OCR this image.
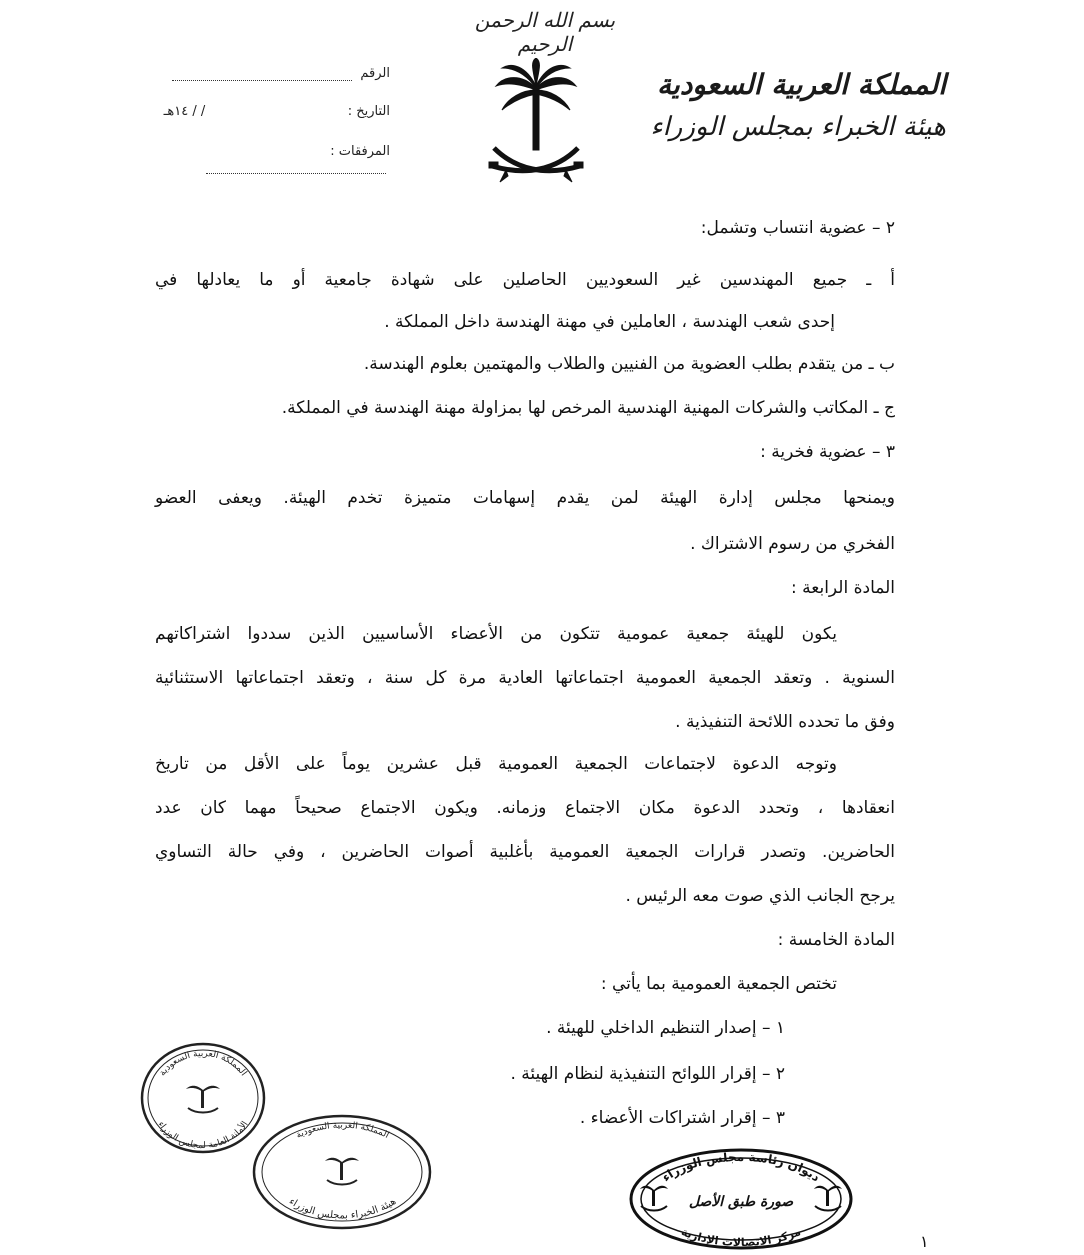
بسم الله الرحمن الرحيم
المملكة العربية السعودية
هيئة الخبراء بمجلس الوزراء
الرقم
التاريخ : / / ١٤هـ
المرفقات :
٢ – عضوية انتساب وتشمل:
أ ـ جميع المهندسين غير السعوديين الحاصلين على شهادة جامعية أو ما يعادلها في
إحدى شعب الهندسة ، العاملين في مهنة الهندسة داخل المملكة .
ب ـ من يتقدم بطلب العضوية من الفنيين والطلاب والمهتمين بعلوم الهندسة.
ج ـ المكاتب والشركات المهنية الهندسية المرخص لها بمزاولة مهنة الهندسة في المملكة.
٣ – عضوية فخرية :
ويمنحها مجلس إدارة الهيئة لمن يقدم إسهامات متميزة تخدم الهيئة. ويعفى العضو
الفخري من رسوم الاشتراك .
المادة الرابعة :
يكون للهيئة جمعية عمومية تتكون من الأعضاء الأساسيين الذين سددوا اشتراكاتهم
السنوية . وتعقد الجمعية العمومية اجتماعاتها العادية مرة كل سنة ، وتعقد اجتماعاتها الاستثنائية
وفق ما تحدده اللائحة التنفيذية .
وتوجه الدعوة لاجتماعات الجمعية العمومية قبل عشرين يوماً على الأقل من تاريخ
انعقادها ، وتحدد الدعوة مكان الاجتماع وزمانه. ويكون الاجتماع صحيحاً مهما كان عدد
الحاضرين. وتصدر قرارات الجمعية العمومية بأغلبية أصوات الحاضرين ، وفي حالة التساوي
يرجح الجانب الذي صوت معه الرئيس .
المادة الخامسة :
تختص الجمعية العمومية بما يأتي :
١ – إصدار التنظيم الداخلي للهيئة .
٢ – إقرار اللوائح التنفيذية لنظام الهيئة .
٣ – إقرار اشتراكات الأعضاء .
المملكة العربية السعودية
الأمانة العامة لمجلس الوزراء
المملكة العربية السعودية
هيئة الخبراء بمجلس الوزراء
ديوان رئاسة مجلس الوزراء
مركز الاتصالات الإدارية
صورة طبق الأصل
١
